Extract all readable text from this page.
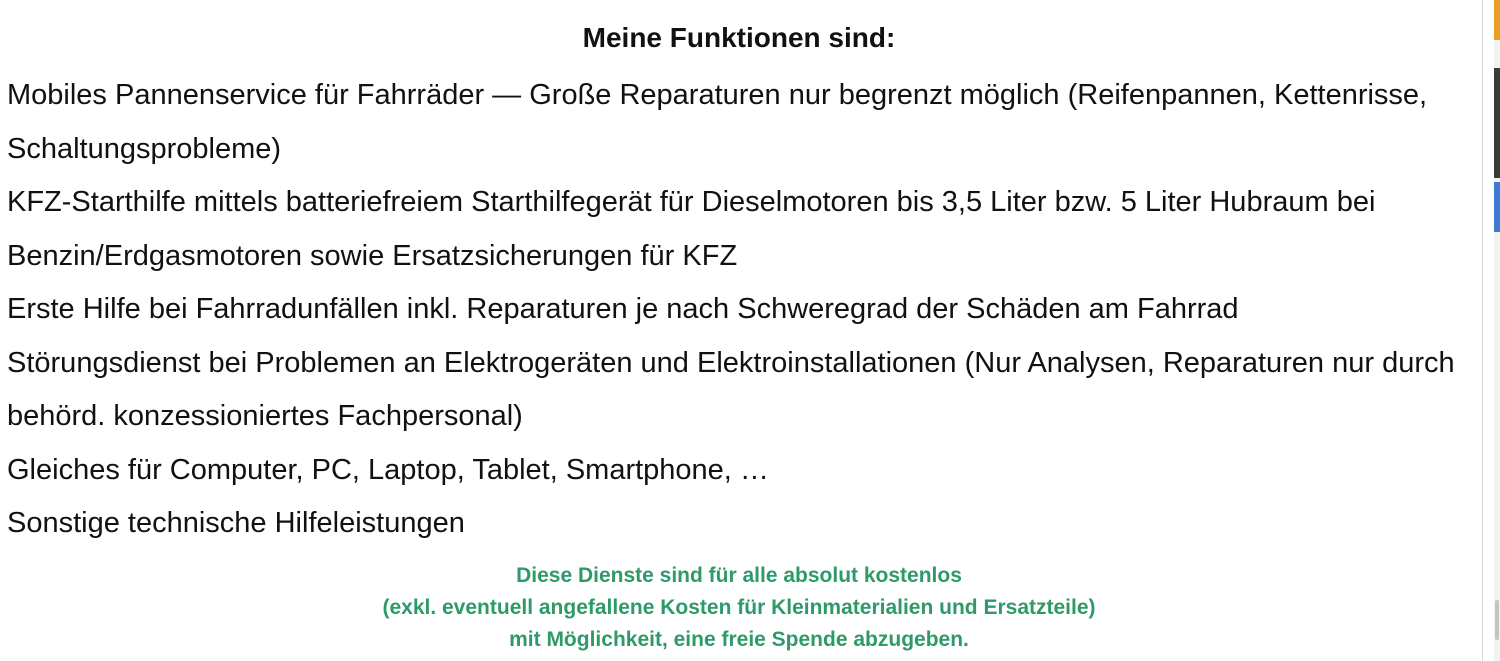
Meine Funktionen sind:
Mobiles Pannenservice für Fahrräder — Große Reparaturen nur begrenzt möglich (Reifenpannen, Kettenrisse, Schaltungsprobleme)
KFZ-Starthilfe mittels batteriefreiem Starthilfegerät für Dieselmotoren bis 3,5 Liter bzw. 5 Liter Hubraum bei Benzin/Erdgasmotoren sowie Ersatzsicherungen für KFZ
Erste Hilfe bei Fahrradunfällen inkl. Reparaturen je nach Schweregrad der Schäden am Fahrrad
Störungsdienst bei Problemen an Elektrogeräten und Elektroinstallationen (Nur Analysen, Reparaturen nur durch behörd. konzessioniertes Fachpersonal)
Gleiches für Computer, PC, Laptop, Tablet, Smartphone, …
Sonstige technische Hilfeleistungen
Diese Dienste sind für alle absolut kostenlos
(exkl. eventuell angefallene Kosten für Kleinmaterialien und Ersatzteile)
mit Möglichkeit, eine freie Spende abzugeben.
